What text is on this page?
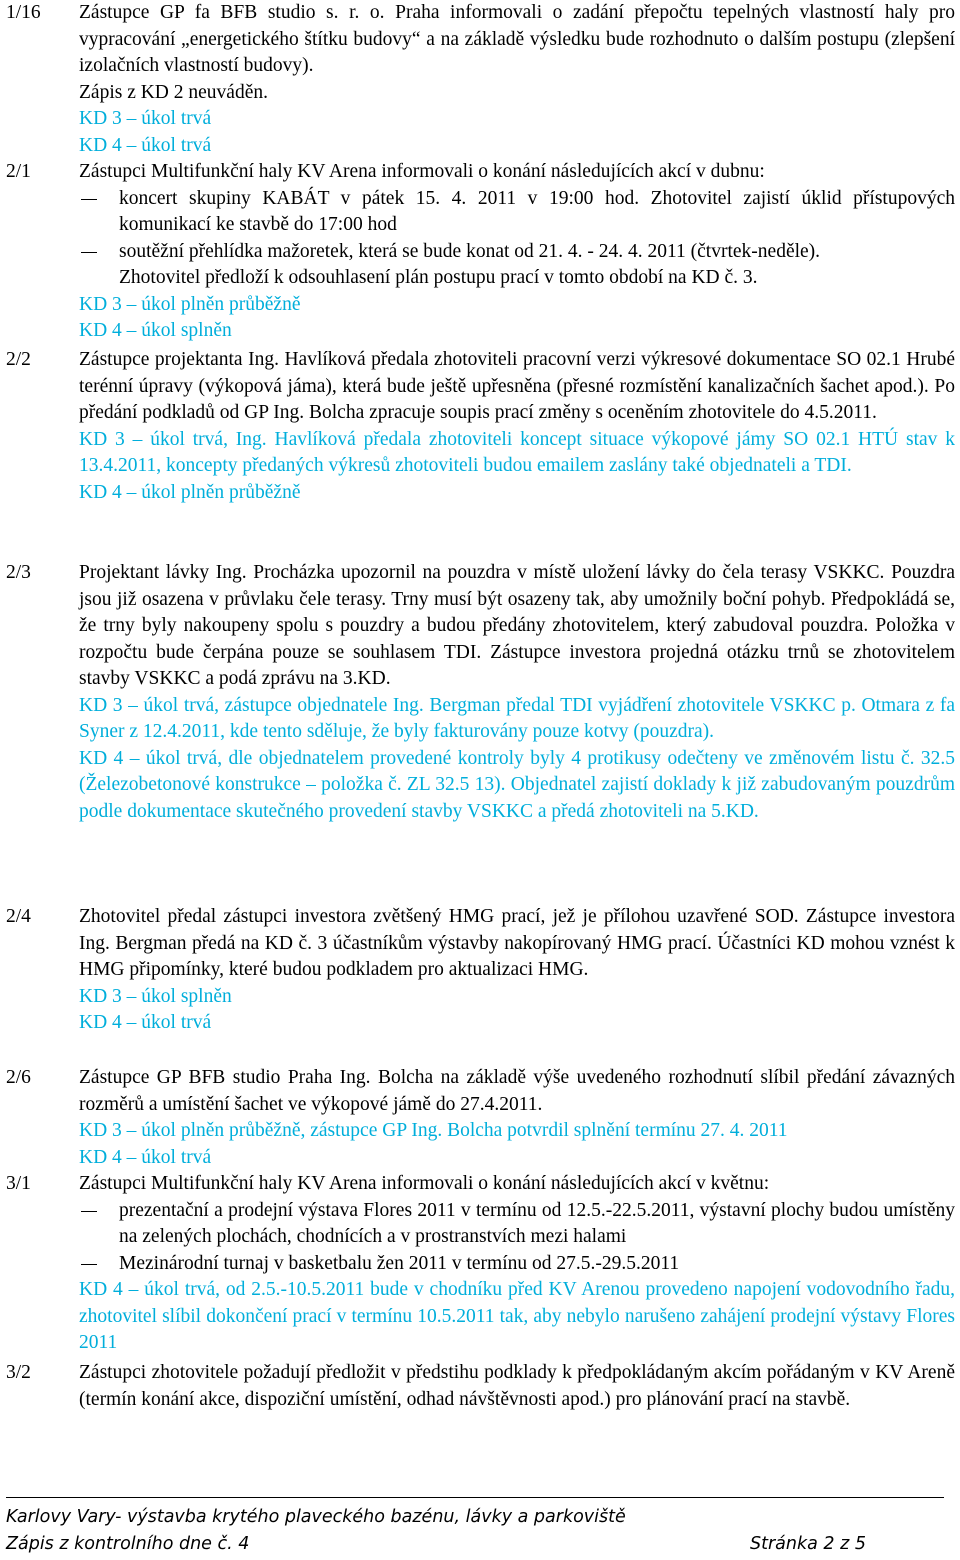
1/16	Zástupce GP fa BFB studio s. r. o. Praha informovali o zadání přepočtu tepelných vlastností haly pro vypracování „energetického štítku budovy“ a na základě výsledku bude rozhodnuto o dalším postupu (zlepšení izolačních vlastností budovy).
Zápis z KD 2 neuváděn.
KD 3 – úkol trvá
KD 4 – úkol trvá
2/1	Zástupci Multifunkční haly KV Arena informovali o konání následujících akcí v dubnu:
koncert skupiny KABÁT v pátek 15. 4. 2011 v 19:00 hod. Zhotovitel zajistí úklid přístupových komunikací ke stavbě do 17:00 hod
soutěžní přehlídka mažoretek, která se bude konat od 21. 4. - 24. 4. 2011 (čtvrtek-neděle).
Zhotovitel předloží k odsouhlasení plán postupu prací v tomto období na KD č. 3.
KD 3 – úkol plněn průběžně
KD 4 – úkol splněn
2/2	Zástupce projektanta Ing. Havlíková předala zhotoviteli pracovní verzi výkresové dokumentace SO 02.1 Hrubé terénní úpravy (výkopová jáma), která bude ještě upřesněna (přesné rozmístění kanalizačních šachet apod.). Po předání podkladů od GP Ing. Bolcha zpracuje soupis prací změny s oceněním zhotovitele do 4.5.2011.
KD 3 – úkol trvá, Ing. Havlíková předala zhotoviteli koncept situace výkopové jámy SO 02.1 HTÚ stav k 13.4.2011, koncepty předaných výkresů zhotoviteli budou emailem zaslány také objednateli a TDI.
KD 4 – úkol plněn průběžně
2/3	Projektant lávky Ing. Procházka upozornil na pouzdra v místě uložení lávky do čela terasy VSKKC. Pouzdra jsou již osazena v průvlaku čele terasy. Trny musí být osazeny tak, aby umožnily boční pohyb. Předpokládá se, že trny byly nakoupeny spolu s pouzdry a budou předány zhotovitelem, který zabudoval pouzdra. Položka v rozpočtu bude čerpána pouze se souhlasem TDI. Zástupce investora projedná otázku trnů se zhotovitelem stavby VSKKC a podá zprávu na 3.KD.
KD 3 – úkol trvá, zástupce objednatele Ing. Bergman předal TDI vyjádření zhotovitele VSKKC p. Otmara z fa Syner z 12.4.2011, kde tento sděluje, že byly fakturovány pouze kotvy (pouzdra).
KD 4 – úkol trvá, dle objednatelem provedené kontroly byly 4 protikusy odečteny ve změnovém listu č. 32.5 (Železobetonové konstrukce – položka č. ZL 32.5 13). Objednatel zajistí doklady k již zabudovaným pouzdrům podle dokumentace skutečného provedení stavby VSKKC a předá zhotoviteli na 5.KD.
2/4	Zhotovitel předal zástupci investora zvětšený HMG prací, jež je přílohou uzavřené SOD. Zástupce investora Ing. Bergman předá na KD č. 3 účastníkům výstavby nakopírovaný HMG prací. Účastníci KD mohou vznést k HMG připomínky, které budou podkladem pro aktualizaci HMG.
KD 3 – úkol splněn
KD 4 – úkol trvá
2/6	Zástupce GP BFB studio Praha Ing. Bolcha na základě výše uvedeného rozhodnutí slíbil předání závazných rozměrů a umístění šachet ve výkopové jámě do 27.4.2011.
KD 3 – úkol plněn průběžně, zástupce GP Ing. Bolcha potvrdil splnění termínu 27. 4. 2011
KD 4 – úkol trvá
3/1	Zástupci Multifunkční haly KV Arena informovali o konání následujících akcí v květnu:
prezentační a prodejní výstava Flores 2011 v termínu od 12.5.-22.5.2011, výstavní plochy budou umístěny na zelených plochách, chodnících a v prostranstvích mezi halami
Mezinárodní turnaj v basketbalu žen 2011 v termínu od 27.5.-29.5.2011
KD 4 – úkol trvá, od 2.5.-10.5.2011 bude v chodníku před KV Arenou provedeno napojení vodovodního řadu, zhotovitel slíbil dokončení prací v termínu 10.5.2011 tak, aby nebylo narušeno zahájení prodejní výstavy Flores 2011
3/2	Zástupci zhotovitele požadují předložit v předstihu podklady k předpokládaným akcím pořádaným v KV Areně (termín konání akce, dispoziční umístění, odhad návštěvnosti apod.) pro plánování prací na stavbě.
Karlovy Vary- výstavba krytého plaveckého bazénu, lávky a parkoviště
Zápis z kontrolního dne č. 4	Stránka 2 z 5
